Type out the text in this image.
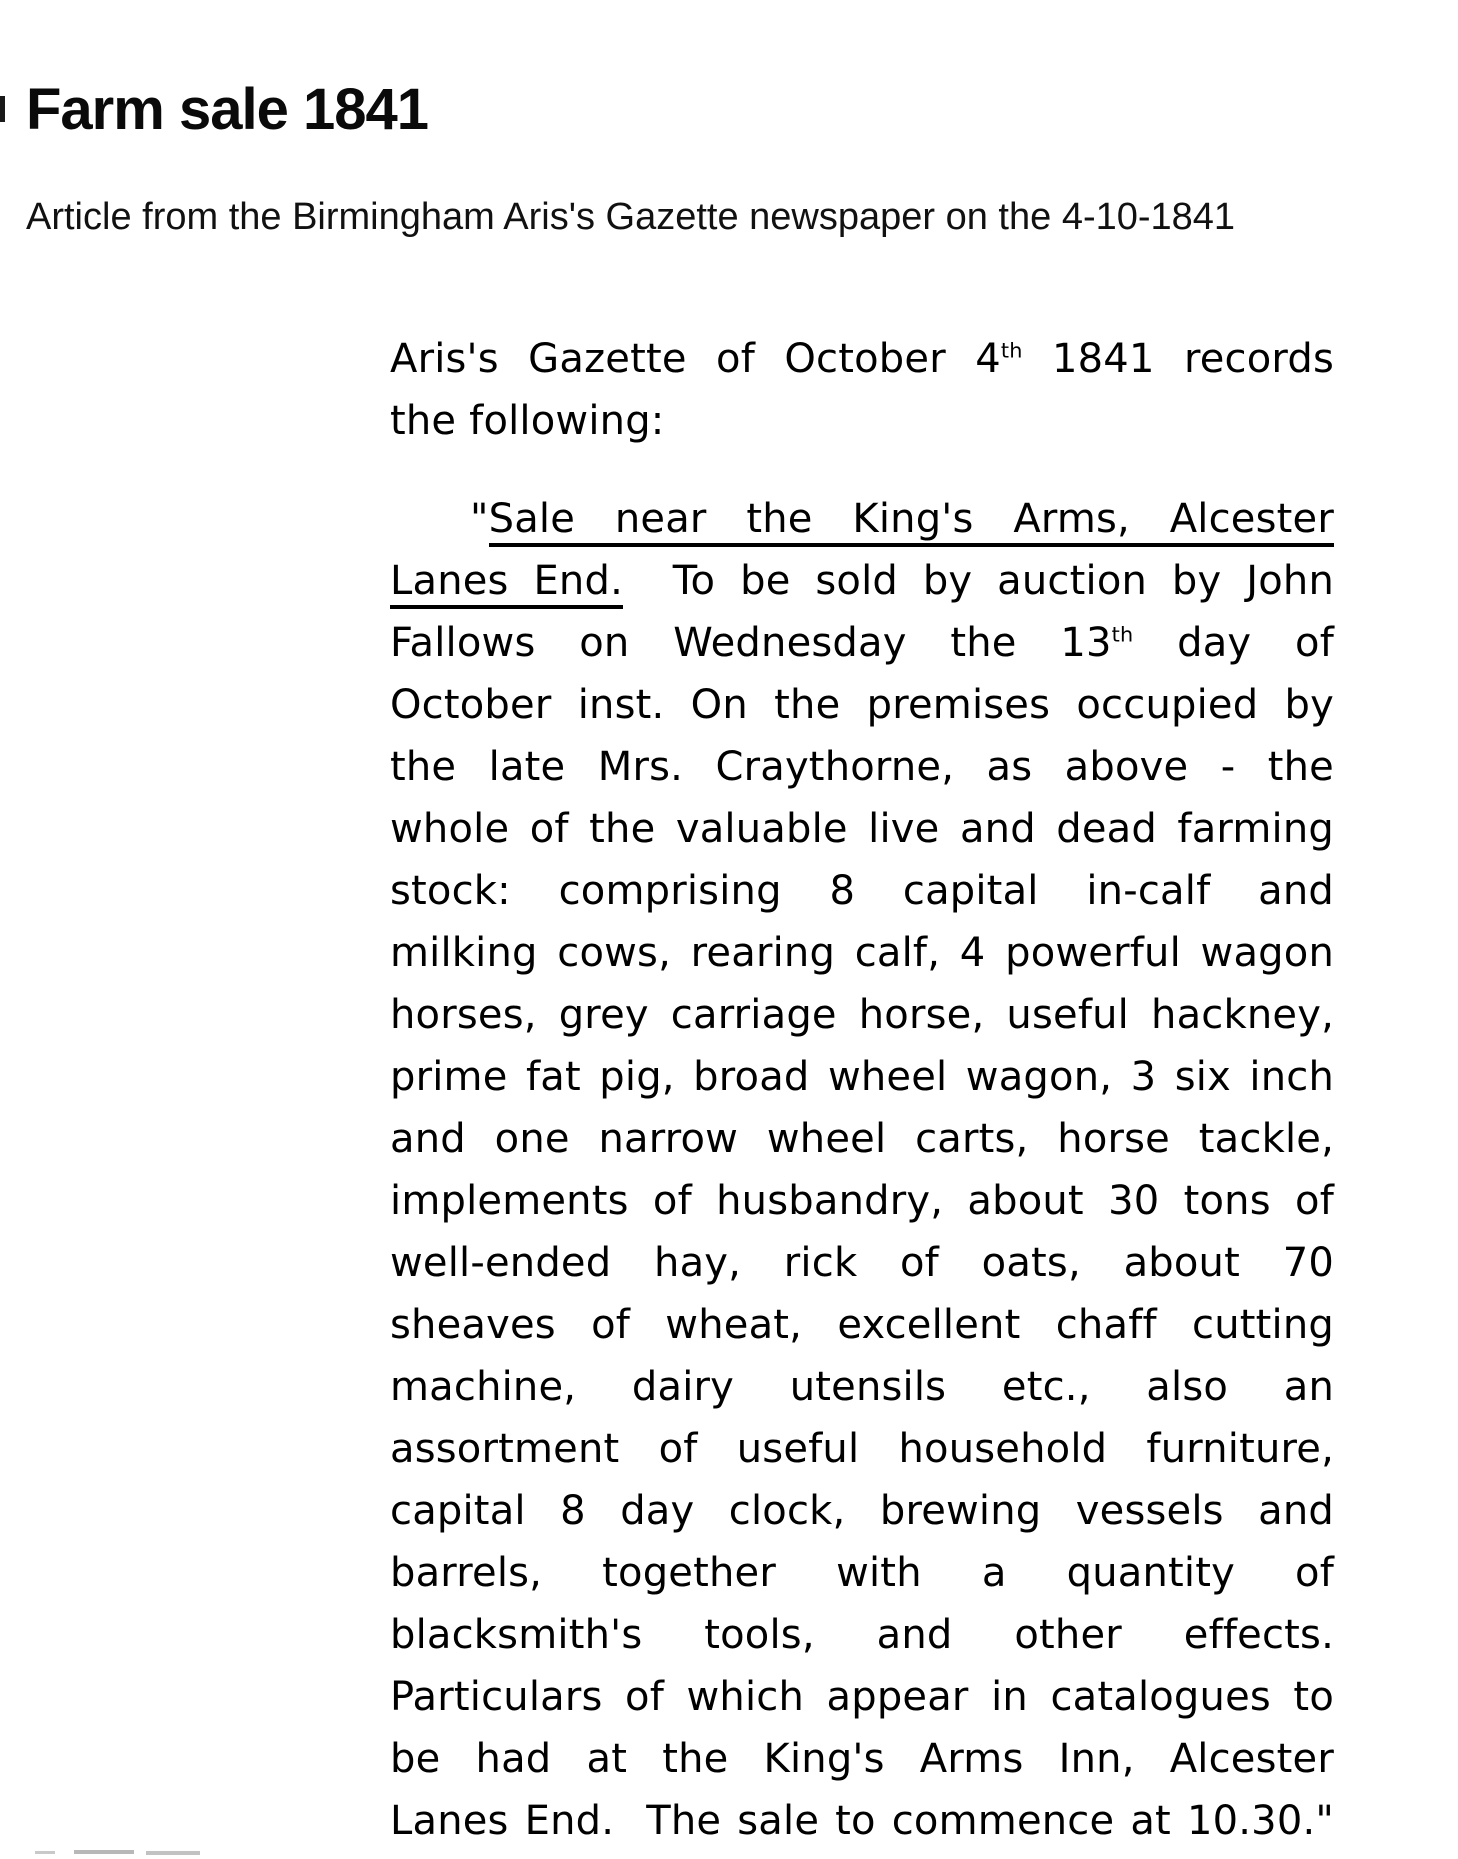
Farm sale 1841

Article from the Birmingham Aris's Gazette newspaper on the 4-10-1841

Aris's Gazette of October 4th 1841 records
the following:
"Sale near the King's Arms, Alcester
Lanes End.  To be sold by auction by John
Fallows on Wednesday the 13th day of
October inst. On the premises occupied by
the late Mrs. Craythorne, as above - the
whole of the valuable live and dead farming
stock: comprising 8 capital in-calf and
milking cows, rearing calf, 4 powerful wagon
horses, grey carriage horse, useful hackney,
prime fat pig, broad wheel wagon, 3 six inch
and one narrow wheel carts, horse tackle,
implements of husbandry, about 30 tons of
well-ended hay, rick of oats, about 70
sheaves of wheat, excellent chaff cutting
machine, dairy utensils etc., also an
assortment of useful household furniture,
capital 8 day clock, brewing vessels and
barrels, together with a quantity of
blacksmith's tools, and other effects.
Particulars of which appear in catalogues to
be had at the King's Arms Inn, Alcester
Lanes End.  The sale to commence at 10.30."
